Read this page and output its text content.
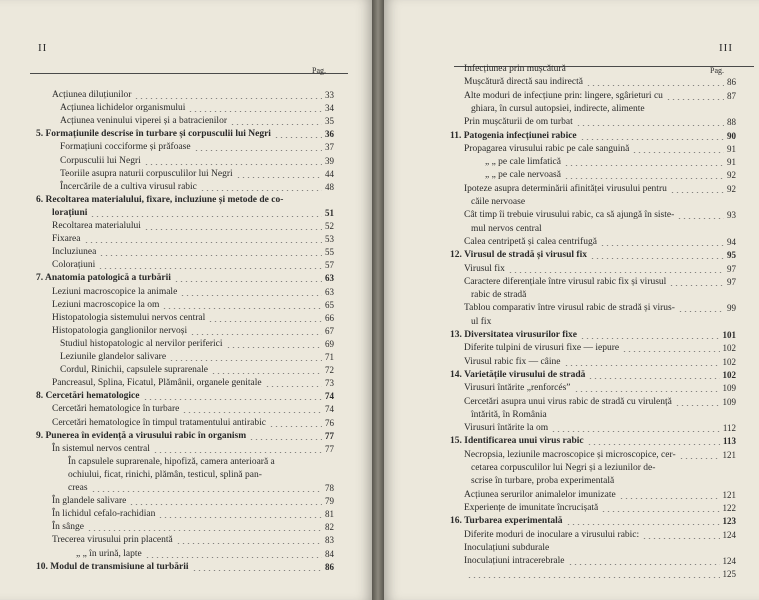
II
Pag.
Acțiunea diluțiunilor	33
Acțiunea lichidelor organismului	34
Acțiunea veninului viperei și a batracienilor	35
5. Formațiunile descrise în turbare și corpusculii lui Negri	36
Formațiuni cocciforme și prăfoase	37
Corpusculii lui Negri	39
Teoriile asupra naturii corpusculilor lui Negri	44
Încercările de a cultiva virusul rabic	48
6. Recoltarea materialului, fixare, incluziune și metode de co-
lorațiuni	51
Recoltarea materialului	52
Fixarea	53
Incluziunea	55
Colorațiuni	57
7. Anatomia patologică a turbării	63
Leziuni macroscopice la animale	63
Leziuni macroscopice la om	65
Histopatologia sistemului nervos central	66
Histopatologia ganglionilor nervoși	67
Studiul histopatologic al nervilor periferici	69
Leziunile glandelor salivare	71
Cordul, Rinichii, capsulele suprarenale	72
Pancreasul, Splina, Ficatul, Plămânii, organele genitale	73
8. Cercetări hematologice	74
Cercetări hematologice în turbare	74
Cercetări hematologice în timpul tratamentului antirabic	76
9. Punerea în evidență a virusului rabic în organism	77
În sistemul nervos central	77
În capsulele suprarenale, hipofiză, camera anterioară a
ochiului, ficat, rinichi, plămân, testicul, splină pan-
creas	78
În glandele salivare	79
În lichidul cefalo-rachidian	81
În sânge	82
Trecerea virusului prin placentă	83
„ „ în urină, lapte	84
10. Modul de transmisiune al turbării	86
III
Pag.
Infecțiunea prin mușcătură
Mușcătură directă sau indirectă	86
Alte moduri de infecțiune prin: lingere, sgârieturi cu	87
ghiara, în cursul autopsiei, indirecte, alimente
Prin mușcăturii de om turbat	88
11. Patogenia infecțiunei rabice	90
Propagarea virusului rabic pe cale sanguină	91
„ „ pe cale limfatică	91
„ „ pe cale nervoasă	92
Ipoteze asupra determinării afinităței virusului pentru	92
căile nervoase
Cât timp îi trebuie virusului rabic, ca să ajungă în siste-	93
mul nervos central
Calea centripetă și calea centrifugă	94
12. Virusul de stradă și virusul fix	95
Virusul fix	97
Caractere diferențiale între virusul rabic fix și virusul	97
rabic de stradă
Tablou comparativ între virusul rabic de stradă și virus-	99
ul fix
13. Diversitatea virusurilor fixe	101
Diferite tulpini de virusuri fixe — iepure	102
Virusul rabic fix — câine	102
14. Varietățile virusului de stradă	102
Virusuri întărite „renforcés”	109
Cercetări asupra unui virus rabic de stradă cu virulență	109
întărită, în România
Virusuri întărite la om	112
15. Identificarea unui virus rabic	113
Necropsia, leziunile macroscopice și microscopice, cer-	121
cetarea corpusculilor lui Negri și a leziunilor de-
scrise în turbare, proba experimentală
Acțiunea serurilor animalelor imunizate	121
Experiențe de imunitate încrucișată	122
16. Turbarea experimentală	123
Diferite moduri de inoculare a virusului rabic:	124
Inoculațiuni subdurale
Inoculațiuni intracerebrale	124
125
